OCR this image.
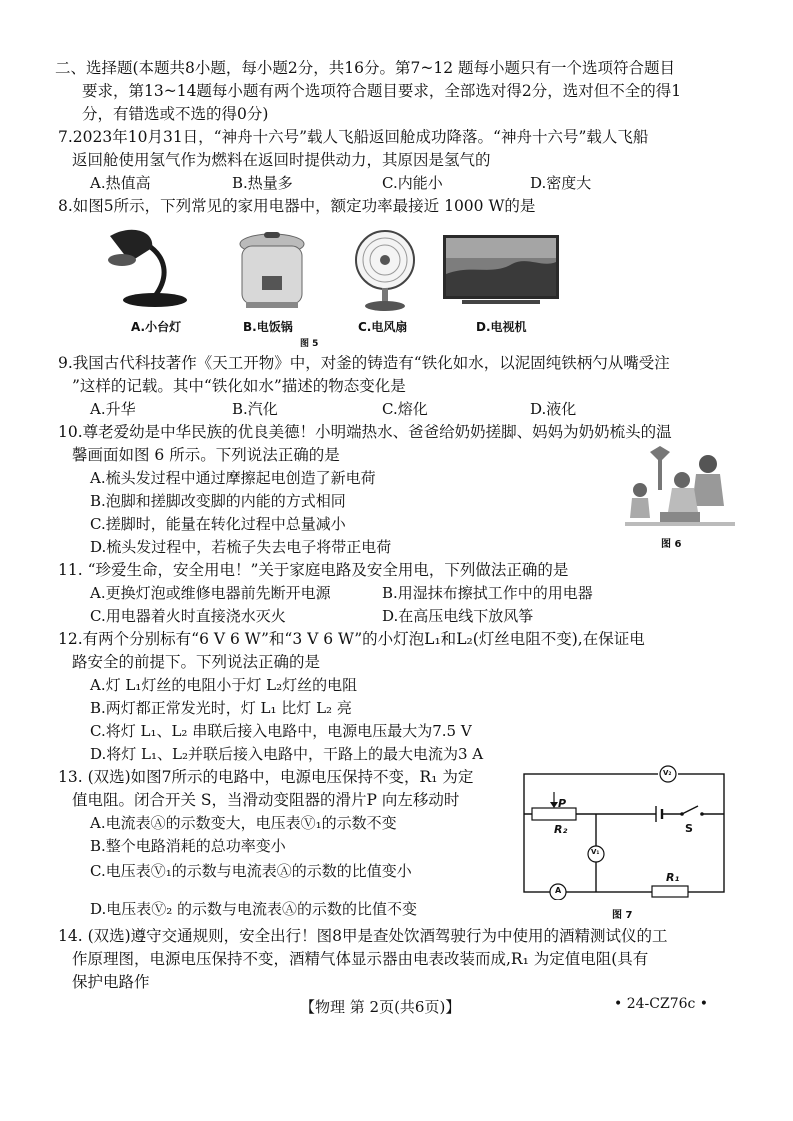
二、选择题(本题共8小题，每小题2分，共16分。第7~12 题每小题只有一个选项符合题目
要求，第13~14题每小题有两个选项符合题目要求，全部选对得2分，选对但不全的得1
分，有错选或不选的得0分)
7.2023年10月31日，“神舟十六号”载人飞船返回舱成功降落。“神舟十六号”载人飞船
返回舱使用氢气作为燃料在返回时提供动力，其原因是氢气的
A.热值高	B.热量多	C.内能小	D.密度大
8.如图5所示，下列常见的家用电器中，额定功率最接近 1000 W的是
A.小台灯	B.电饭锅	C.电风扇	D.电视机
图 5
9.我国古代科技著作《天工开物》中，对釜的铸造有“铁化如水，以泥固纯铁柄勺从嘴受注
”这样的记载。其中“铁化如水”描述的物态变化是
A.升华	B.汽化	C.熔化	D.液化
10.尊老爱幼是中华民族的优良美德！小明端热水、爸爸给奶奶搓脚、妈妈为奶奶梳头的温
馨画面如图 6 所示。下列说法正确的是
A.梳头发过程中通过摩擦起电创造了新电荷
B.泡脚和搓脚改变脚的内能的方式相同
C.搓脚时，能量在转化过程中总量减小
D.梳头发过程中，若梳子失去电子将带正电荷	图 6
11. “珍爱生命，安全用电！”关于家庭电路及安全用电，下列做法正确的是
A.更换灯泡或维修电器前先断开电源	B.用湿抹布擦拭工作中的用电器
C.用电器着火时直接浇水灭火	D.在高压电线下放风筝
12.有两个分别标有“6 V 6 W”和“3 V 6 W”的小灯泡L₁和L₂(灯丝电阻不变),在保证电
路安全的前提下。下列说法正确的是
A.灯 L₁灯丝的电阻小于灯 L₂灯丝的电阻
B.两灯都正常发光时，灯 L₁ 比灯 L₂ 亮
C.将灯 L₁、L₂ 串联后接入电路中，电源电压最大为7.5 V
D.将灯 L₁、L₂并联后接入电路中，干路上的最大电流为3 A
13. (双选)如图7所示的电路中，电源电压保持不变，R₁ 为定
值电阻。闭合开关 S，当滑动变阻器的滑片P 向左移动时
A.电流表Ⓐ的示数变大，电压表Ⓥ₁的示数不变
B.整个电路消耗的总功率变小
C.电压表Ⓥ₁的示数与电流表Ⓐ的示数的比值变小
D.电压表Ⓥ₂ 的示数与电流表Ⓐ的示数的比值不变
V₂
P
R₂	S
V₁
A
R₁
图 7
14. (双选)遵守交通规则，安全出行！图8甲是查处饮酒驾驶行为中使用的酒精测试仪的工
作原理图，电源电压保持不变，酒精气体显示器由电表改装而成,R₁ 为定值电阻(具有
保护电路作
【物理 第 2页(共6页)】	• 24-CZ76c •
